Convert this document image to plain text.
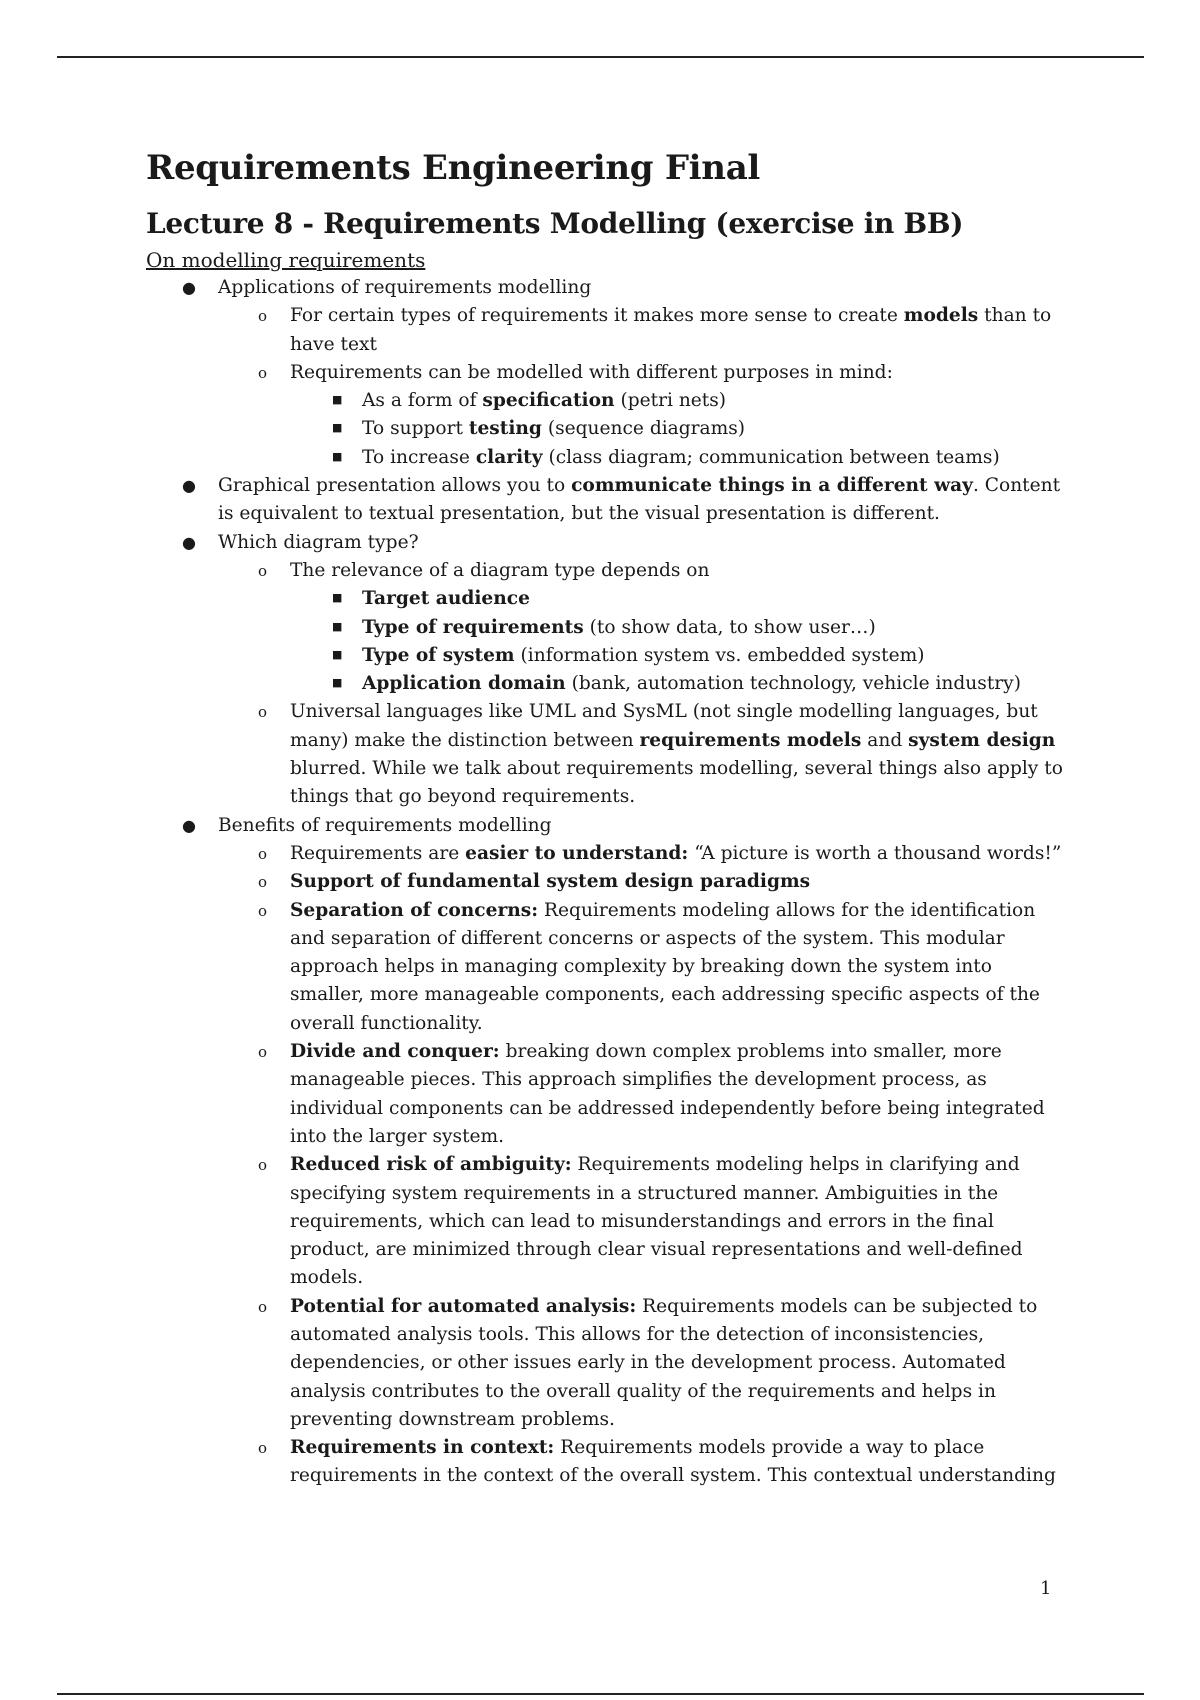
Requirements Engineering Final
Lecture 8 - Requirements Modelling (exercise in BB)
On modelling requirements
● Applications of requirements modelling
o For certain types of requirements it makes more sense to create models than to have text
o Requirements can be modelled with different purposes in mind:
■ As a form of specification (petri nets)
■ To support testing (sequence diagrams)
■ To increase clarity (class diagram; communication between teams)
● Graphical presentation allows you to communicate things in a different way. Content is equivalent to textual presentation, but the visual presentation is different.
● Which diagram type?
o The relevance of a diagram type depends on
■ Target audience
■ Type of requirements (to show data, to show user…)
■ Type of system (information system vs. embedded system)
■ Application domain (bank, automation technology, vehicle industry)
o Universal languages like UML and SysML (not single modelling languages, but many) make the distinction between requirements models and system design blurred. While we talk about requirements modelling, several things also apply to things that go beyond requirements.
● Benefits of requirements modelling
o Requirements are easier to understand: “A picture is worth a thousand words!”
o Support of fundamental system design paradigms
o Separation of concerns: Requirements modeling allows for the identification and separation of different concerns or aspects of the system. This modular approach helps in managing complexity by breaking down the system into smaller, more manageable components, each addressing specific aspects of the overall functionality.
o Divide and conquer: breaking down complex problems into smaller, more manageable pieces. This approach simplifies the development process, as individual components can be addressed independently before being integrated into the larger system.
o Reduced risk of ambiguity: Requirements modeling helps in clarifying and specifying system requirements in a structured manner. Ambiguities in the requirements, which can lead to misunderstandings and errors in the final product, are minimized through clear visual representations and well-defined models.
o Potential for automated analysis: Requirements models can be subjected to automated analysis tools. This allows for the detection of inconsistencies, dependencies, or other issues early in the development process. Automated analysis contributes to the overall quality of the requirements and helps in preventing downstream problems.
o Requirements in context: Requirements models provide a way to place requirements in the context of the overall system. This contextual understanding
1
